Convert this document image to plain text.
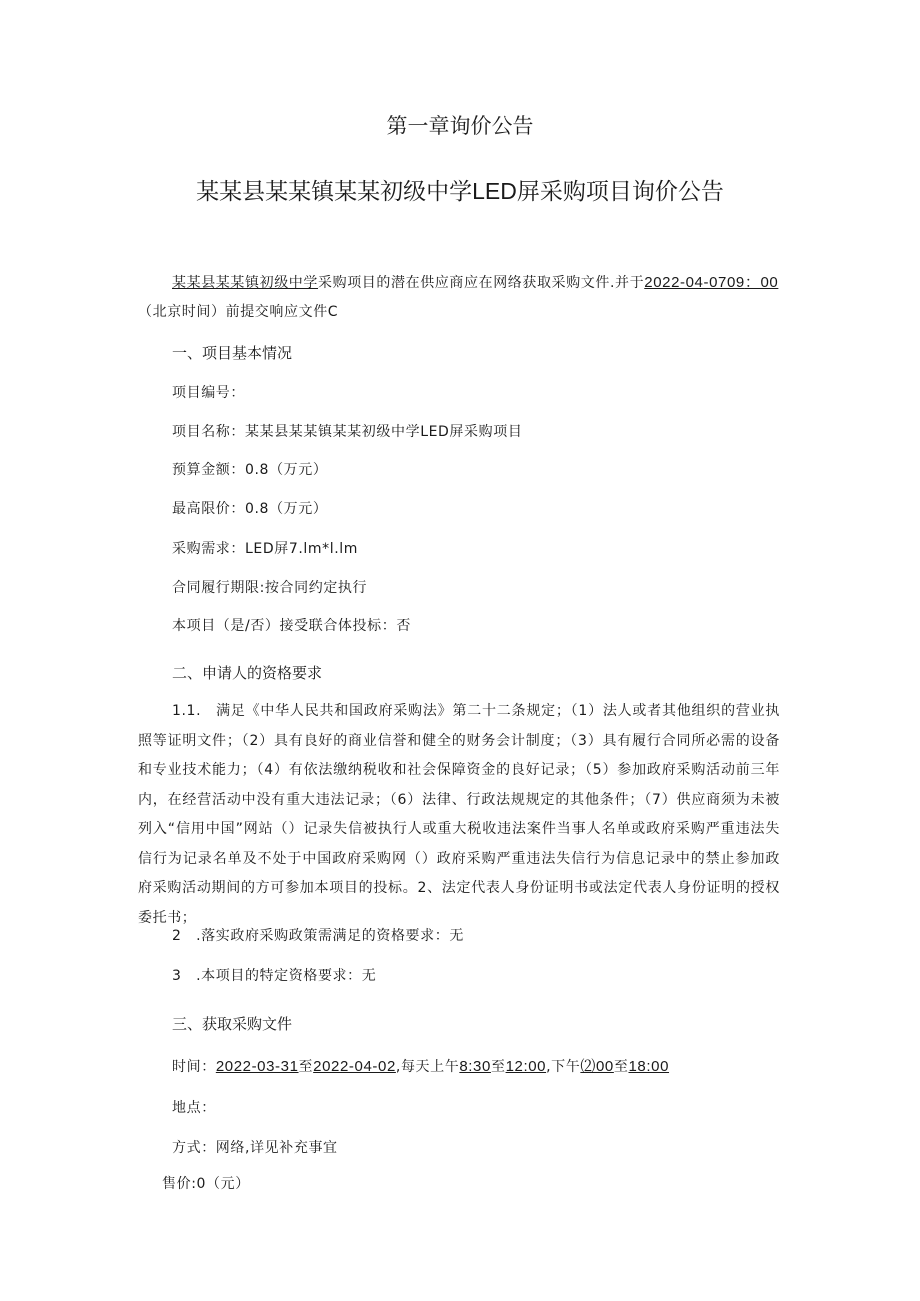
第一章询价公告
某某县某某镇某某初级中学LED屏采购项目询价公告
某某县某某镇初级中学采购项目的潜在供应商应在网络获取采购文件.并于2022-04-0709：00（北京时间）前提交响应文件C
一、项目基本情况
项目编号：
项目名称：某某县某某镇某某初级中学LED屏采购项目
预算金额：0.8（万元）
最高限价：0.8（万元）
采购需求：LED屏7.lm*l.lm
合同履行期限:按合同约定执行
本项目（是/否）接受联合体投标：否
二、申请人的资格要求
1.1.　满足《中华人民共和国政府采购法》第二十二条规定；（1）法人或者其他组织的营业执照等证明文件；（2）具有良好的商业信誉和健全的财务会计制度；（3）具有履行合同所必需的设备和专业技术能力；（4）有依法缴纳税收和社会保障资金的良好记录；（5）参加政府采购活动前三年内，在经营活动中没有重大违法记录；（6）法律、行政法规规定的其他条件；（7）供应商须为未被列入“信用中国”网站（）记录失信被执行人或重大税收违法案件当事人名单或政府采购严重违法失信行为记录名单及不处于中国政府采购网（）政府采购严重违法失信行为信息记录中的禁止参加政府采购活动期间的方可参加本项目的投标。2、法定代表人身份证明书或法定代表人身份证明的授权委托书；
2　.落实政府采购政策需满足的资格要求：无
3　.本项目的特定资格要求：无
三、获取采购文件
时间：2022-03-31至2022-04-02,每天上午8:30至12:00,下午⑵00至18:00
地点：
方式：网络,详见补充事宜
售价:0（元）
